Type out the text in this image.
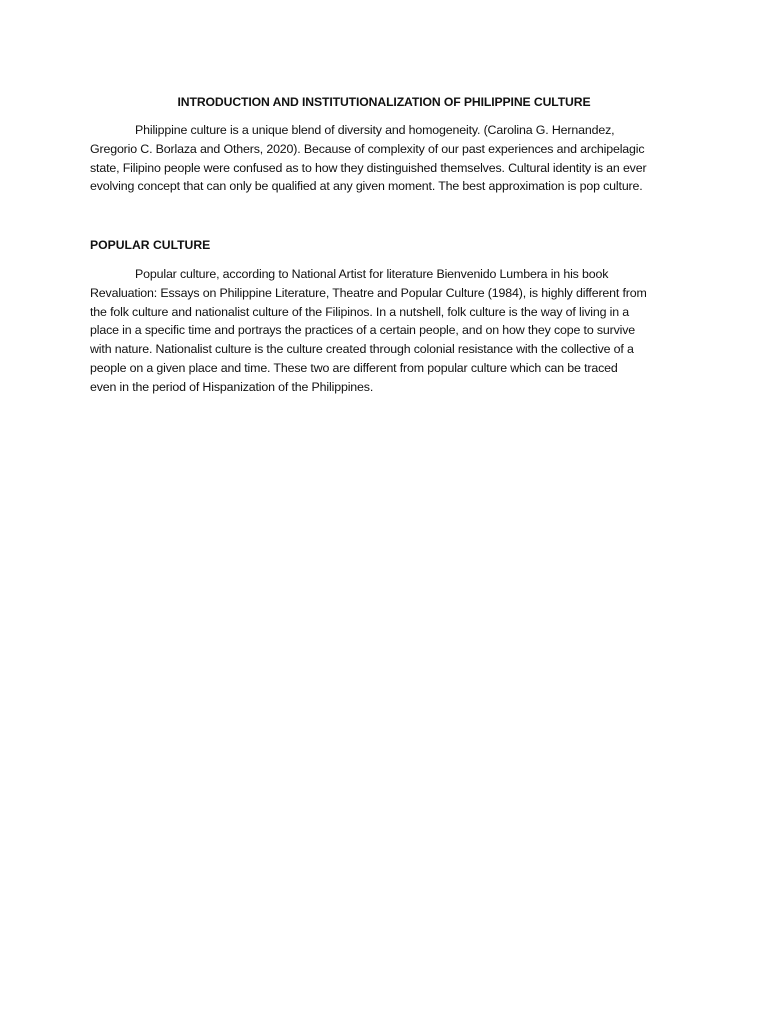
INTRODUCTION AND INSTITUTIONALIZATION OF PHILIPPINE CULTURE

Philippine culture is a unique blend of diversity and homogeneity. (Carolina G. Hernandez,
Gregorio C. Borlaza and Others, 2020). Because of complexity of our past experiences and archipelagic
state, Filipino people were confused as to how they distinguished themselves. Cultural identity is an ever
evolving concept that can only be qualified at any given moment. The best approximation is pop culture.

POPULAR CULTURE

Popular culture, according to National Artist for literature Bienvenido Lumbera in his book
Revaluation: Essays on Philippine Literature, Theatre and Popular Culture (1984), is highly different from
the folk culture and nationalist culture of the Filipinos. In a nutshell, folk culture is the way of living in a
place in a specific time and portrays the practices of a certain people, and on how they cope to survive
with nature. Nationalist culture is the culture created through colonial resistance with the collective of a
people on a given place and time. These two are different from popular culture which can be traced
even in the period of Hispanization of the Philippines.
